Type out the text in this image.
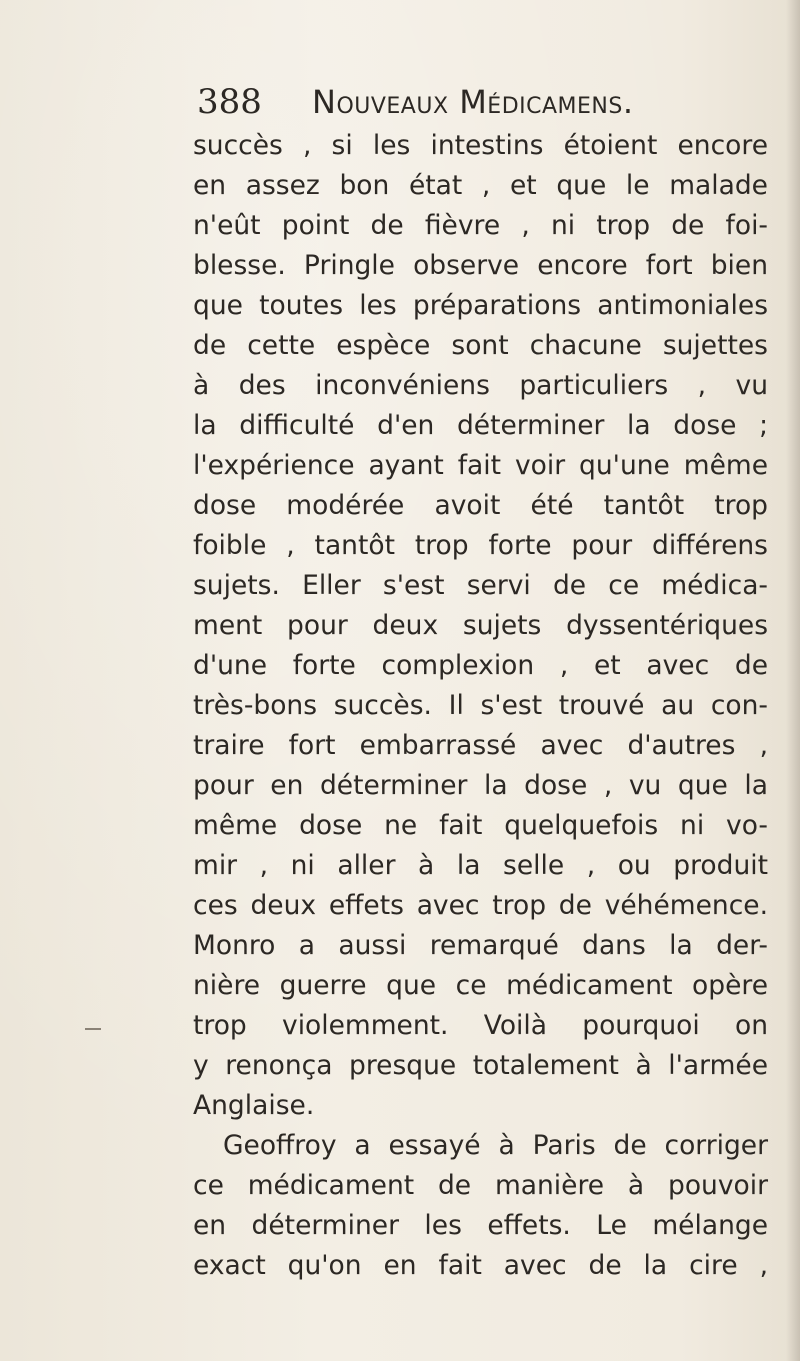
388 Nouveaux Médicamens.
succès , si les intestins étoient encore
en assez bon état , et que le malade
n'eût point de fièvre , ni trop de foi-
blesse. Pringle observe encore fort bien
que toutes les préparations antimoniales
de cette espèce sont chacune sujettes
à des inconvéniens particuliers , vu
la difficulté d'en déterminer la dose ;
l'expérience ayant fait voir qu'une même
dose modérée avoit été tantôt trop
foible , tantôt trop forte pour différens
sujets. Eller s'est servi de ce médica-
ment pour deux sujets dyssentériques
d'une forte complexion , et avec de
très-bons succès. Il s'est trouvé au con-
traire fort embarrassé avec d'autres ,
pour en déterminer la dose , vu que la
même dose ne fait quelquefois ni vo-
mir , ni aller à la selle , ou produit
ces deux effets avec trop de véhémence.
Monro a aussi remarqué dans la der-
nière guerre que ce médicament opère
trop violemment. Voilà pourquoi on
y renonça presque totalement à l'armée
Anglaise.
Geoffroy a essayé à Paris de corriger
ce médicament de manière à pouvoir
en déterminer les effets. Le mélange
exact qu'on en fait avec de la cire ,
